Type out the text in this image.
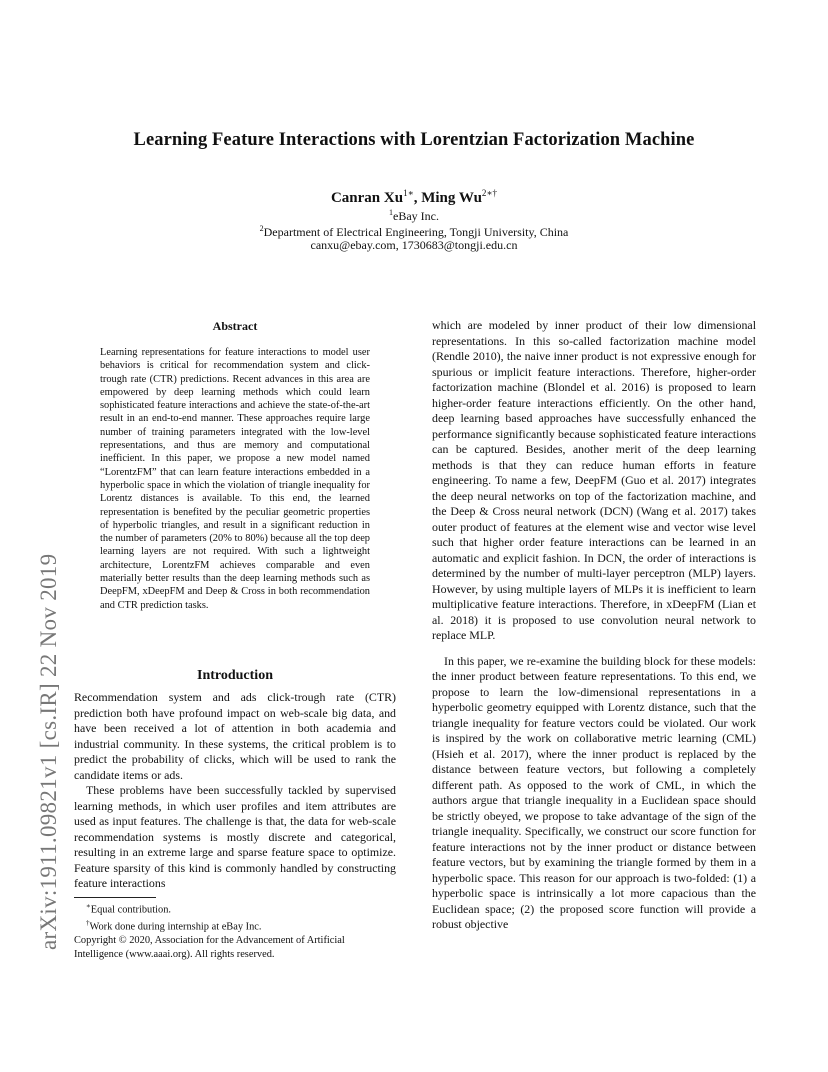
Learning Feature Interactions with Lorentzian Factorization Machine
Canran $Xu^{1∗}$, Ming $Wu^{2∗\dagger}$
$^1$eBay Inc.
$^2$Department of Electrical Engineering, Tongji University, China
canxu@ebay.com, 1730683@tongji.edu.cn
arXiv:1911.09821v1 [cs.IR] 22 Nov 2019
Abstract
Learning representations for feature interactions to model user behaviors is critical for recommendation system and click-trough rate (CTR) predictions. Recent advances in this area are empowered by deep learning methods which could learn sophisticated feature interactions and achieve the state-of-the-art result in an end-to-end manner. These approaches require large number of training parameters integrated with the low-level representations, and thus are memory and computational inefficient. In this paper, we propose a new model named “LorentzFM” that can learn feature interactions embedded in a hyperbolic space in which the violation of triangle inequality for Lorentz distances is available. To this end, the learned representation is benefited by the peculiar geometric properties of hyperbolic triangles, and result in a significant reduction in the number of parameters (20% to 80%) because all the top deep learning layers are not required. With such a lightweight architecture, LorentzFM achieves comparable and even materially better results than the deep learning methods such as DeepFM, xDeepFM and Deep & Cross in both recommendation and CTR prediction tasks.
Introduction

Recommendation system and ads click-trough rate (CTR) prediction both have profound impact on web-scale big data, and have been received a lot of attention in both academia and industrial community. In these systems, the critical problem is to predict the probability of clicks, which will be used to rank the candidate items or ads.

These problems have been successfully tackled by supervised learning methods, in which user profiles and item attributes are used as input features. The challenge is that, the data for web-scale recommendation systems is mostly discrete and categorical, resulting in an extreme large and sparse feature space to optimize. Feature sparsity of this kind is commonly handled by constructing feature interactions

∗Equal contribution.
†Work done during internship at eBay Inc.
Copyright © 2020, Association for the Advancement of Artificial Intelligence (www.aaai.org). All rights reserved.

which are modeled by inner product of their low dimensional representations. In this so-called factorization machine model (Rendle 2010), the naive inner product is not expressive enough for spurious or implicit feature interactions. Therefore, higher-order factorization machine (Blondel et al. 2016) is proposed to learn higher-order feature interactions efficiently. On the other hand, deep learning based approaches have successfully enhanced the performance significantly because sophisticated feature interactions can be captured. Besides, another merit of the deep learning methods is that they can reduce human efforts in feature engineering. To name a few, DeepFM (Guo et al. 2017) integrates the deep neural networks on top of the factorization machine, and the Deep & Cross neural network (DCN) (Wang et al. 2017) takes outer product of features at the element wise and vector wise level such that higher order feature interactions can be learned in an automatic and explicit fashion. In DCN, the order of interactions is determined by the number of multi-layer perceptron (MLP) layers. However, by using multiple layers of MLPs it is inefficient to learn multiplicative feature interactions. Therefore, in xDeepFM (Lian et al. 2018) it is proposed to use convolution neural network to replace MLP.

In this paper, we re-examine the building block for these models: the inner product between feature representations. To this end, we propose to learn the low-dimensional representations in a hyperbolic geometry equipped with Lorentz distance, such that the triangle inequality for feature vectors could be violated. Our work is inspired by the work on collaborative metric learning (CML) (Hsieh et al. 2017), where the inner product is replaced by the distance between feature vectors, but following a completely different path. As opposed to the work of CML, in which the authors argue that triangle inequality in a Euclidean space should be strictly obeyed, we propose to take advantage of the sign of the triangle inequality. Specifically, we construct our score function for feature interactions not by the inner product or distance between feature vectors, but by examining the triangle formed by them in a hyperbolic space. This reason for our approach is two-folded: (1) a hyperbolic space is intrinsically a lot more capacious than the Euclidean space; (2) the proposed score function will provide a robust objective
